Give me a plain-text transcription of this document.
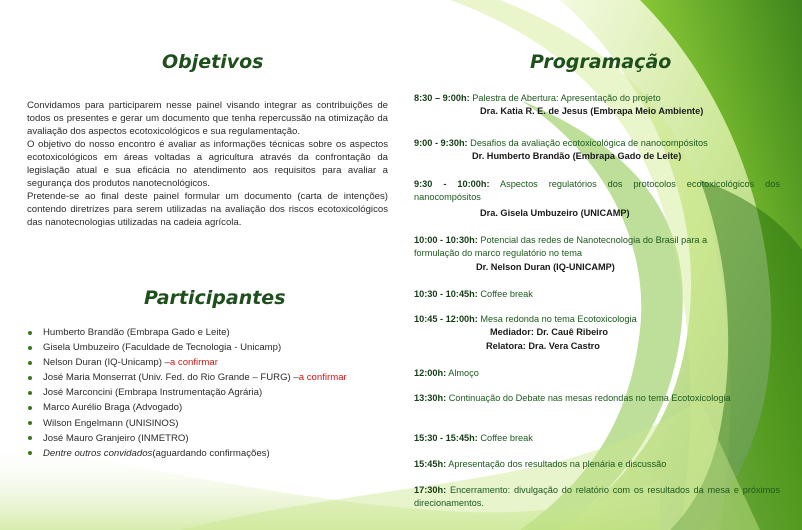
Objetivos

Convidamos para participarem nesse painel visando integrar as contribuições de todos os presentes e gerar um documento que tenha repercussão na otimização da avaliação dos aspectos ecotoxicológicos e sua regulamentação.

O objetivo do nosso encontro é avaliar as informações técnicas sobre os aspectos ecotoxicológicos em áreas voltadas a agricultura através da confrontação da legislação atual e sua eficácia no atendimento aos requisitos para avaliar a segurança dos produtos nanotecnológicos.

Pretende-se ao final deste painel formular um documento (carta de intenções) contendo diretrizes para serem utilizadas na avaliação dos riscos ecotoxicológicos das nanotecnologias utilizadas na cadeia agrícola.

Participantes
Humberto Brandão (Embrapa Gado e Leite)
Gisela Umbuzeiro (Faculdade de Tecnologia - Unicamp)
Nelson Duran (IQ-Unicamp) – a confirmar
José Maria Monserrat (Univ. Fed. do Rio Grande – FURG) – a confirmar
José Marconcini (Embrapa Instrumentação Agrária)
Marco Aurélio Braga (Advogado)
Wilson Engelmann (UNISINOS)
José Mauro Granjeiro (INMETRO)
Dentre outros convidados (aguardando confirmações)
Programação
8:30 – 9:00h: Palestra de Abertura: Apresentação do projeto
Dra. Katia R. E. de Jesus (Embrapa Meio Ambiente)
9:00 - 9:30h: Desafios da avaliação ecotoxicológica de nanocompósitos
Dr. Humberto Brandão (Embrapa Gado de Leite)
9:30 - 10:00h: Aspectos regulatórios dos protocolos ecotoxicológicos dos nanocompósitos
Dra. Gisela Umbuzeiro (UNICAMP)
10:00 - 10:30h: Potencial das redes de Nanotecnologia do Brasil para a formulação do marco regulatório no tema
Dr. Nelson Duran (IQ-UNICAMP)
10:30 - 10:45h: Coffee break
10:45 - 12:00h: Mesa redonda no tema Ecotoxicologia
Mediador: Dr. Cauê Ribeiro
Relatora: Dra. Vera Castro
12:00h: Almoço
13:30h: Continuação do Debate nas mesas redondas no tema Ecotoxicologia
15:30 - 15:45h: Coffee break
15:45h: Apresentação dos resultados na plenária e discussão
17:30h: Encerramento: divulgação do relatório com os resultados da mesa e próximos direcionamentos.
